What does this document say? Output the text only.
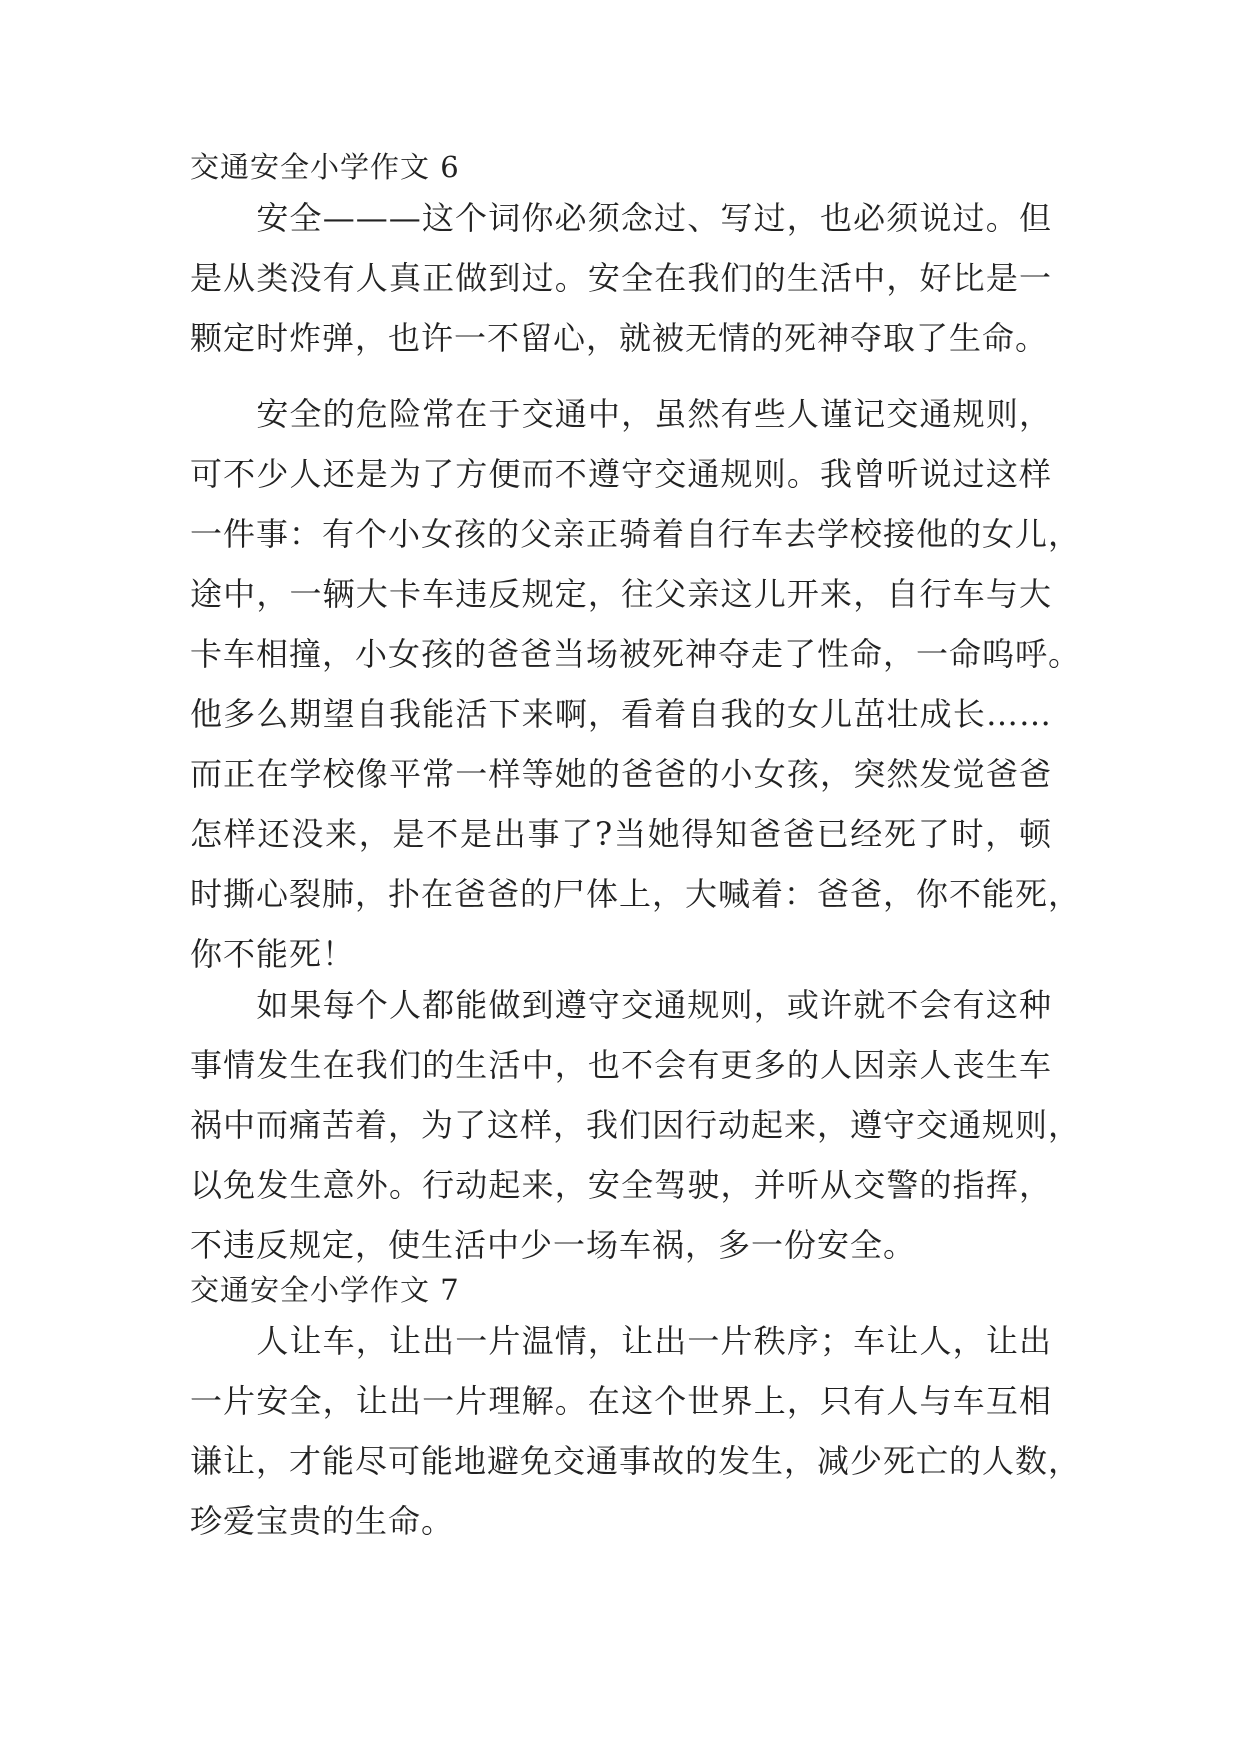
交通安全小学作文 6

　　安全———这个词你必须念过、写过，也必须说过。但
是从类没有人真正做到过。安全在我们的生活中，好比是一
颗定时炸弹，也许一不留心，就被无情的死神夺取了生命。

　　安全的危险常在于交通中，虽然有些人谨记交通规则，
可不少人还是为了方便而不遵守交通规则。我曾听说过这样
一件事：有个小女孩的父亲正骑着自行车去学校接他的女儿，
途中，一辆大卡车违反规定，往父亲这儿开来，自行车与大
卡车相撞，小女孩的爸爸当场被死神夺走了性命，一命呜呼。
他多么期望自我能活下来啊，看着自我的女儿茁壮成长……
而正在学校像平常一样等她的爸爸的小女孩，突然发觉爸爸
怎样还没来，是不是出事了?当她得知爸爸已经死了时，顿
时撕心裂肺，扑在爸爸的尸体上，大喊着：爸爸，你不能死，
你不能死！

　　如果每个人都能做到遵守交通规则，或许就不会有这种
事情发生在我们的生活中，也不会有更多的人因亲人丧生车
祸中而痛苦着，为了这样，我们因行动起来，遵守交通规则，
以免发生意外。行动起来，安全驾驶，并听从交警的指挥，
不违反规定，使生活中少一场车祸，多一份安全。

交通安全小学作文 7

　　人让车，让出一片温情，让出一片秩序；车让人，让出
一片安全，让出一片理解。在这个世界上，只有人与车互相
谦让，才能尽可能地避免交通事故的发生，减少死亡的人数，
珍爱宝贵的生命。
